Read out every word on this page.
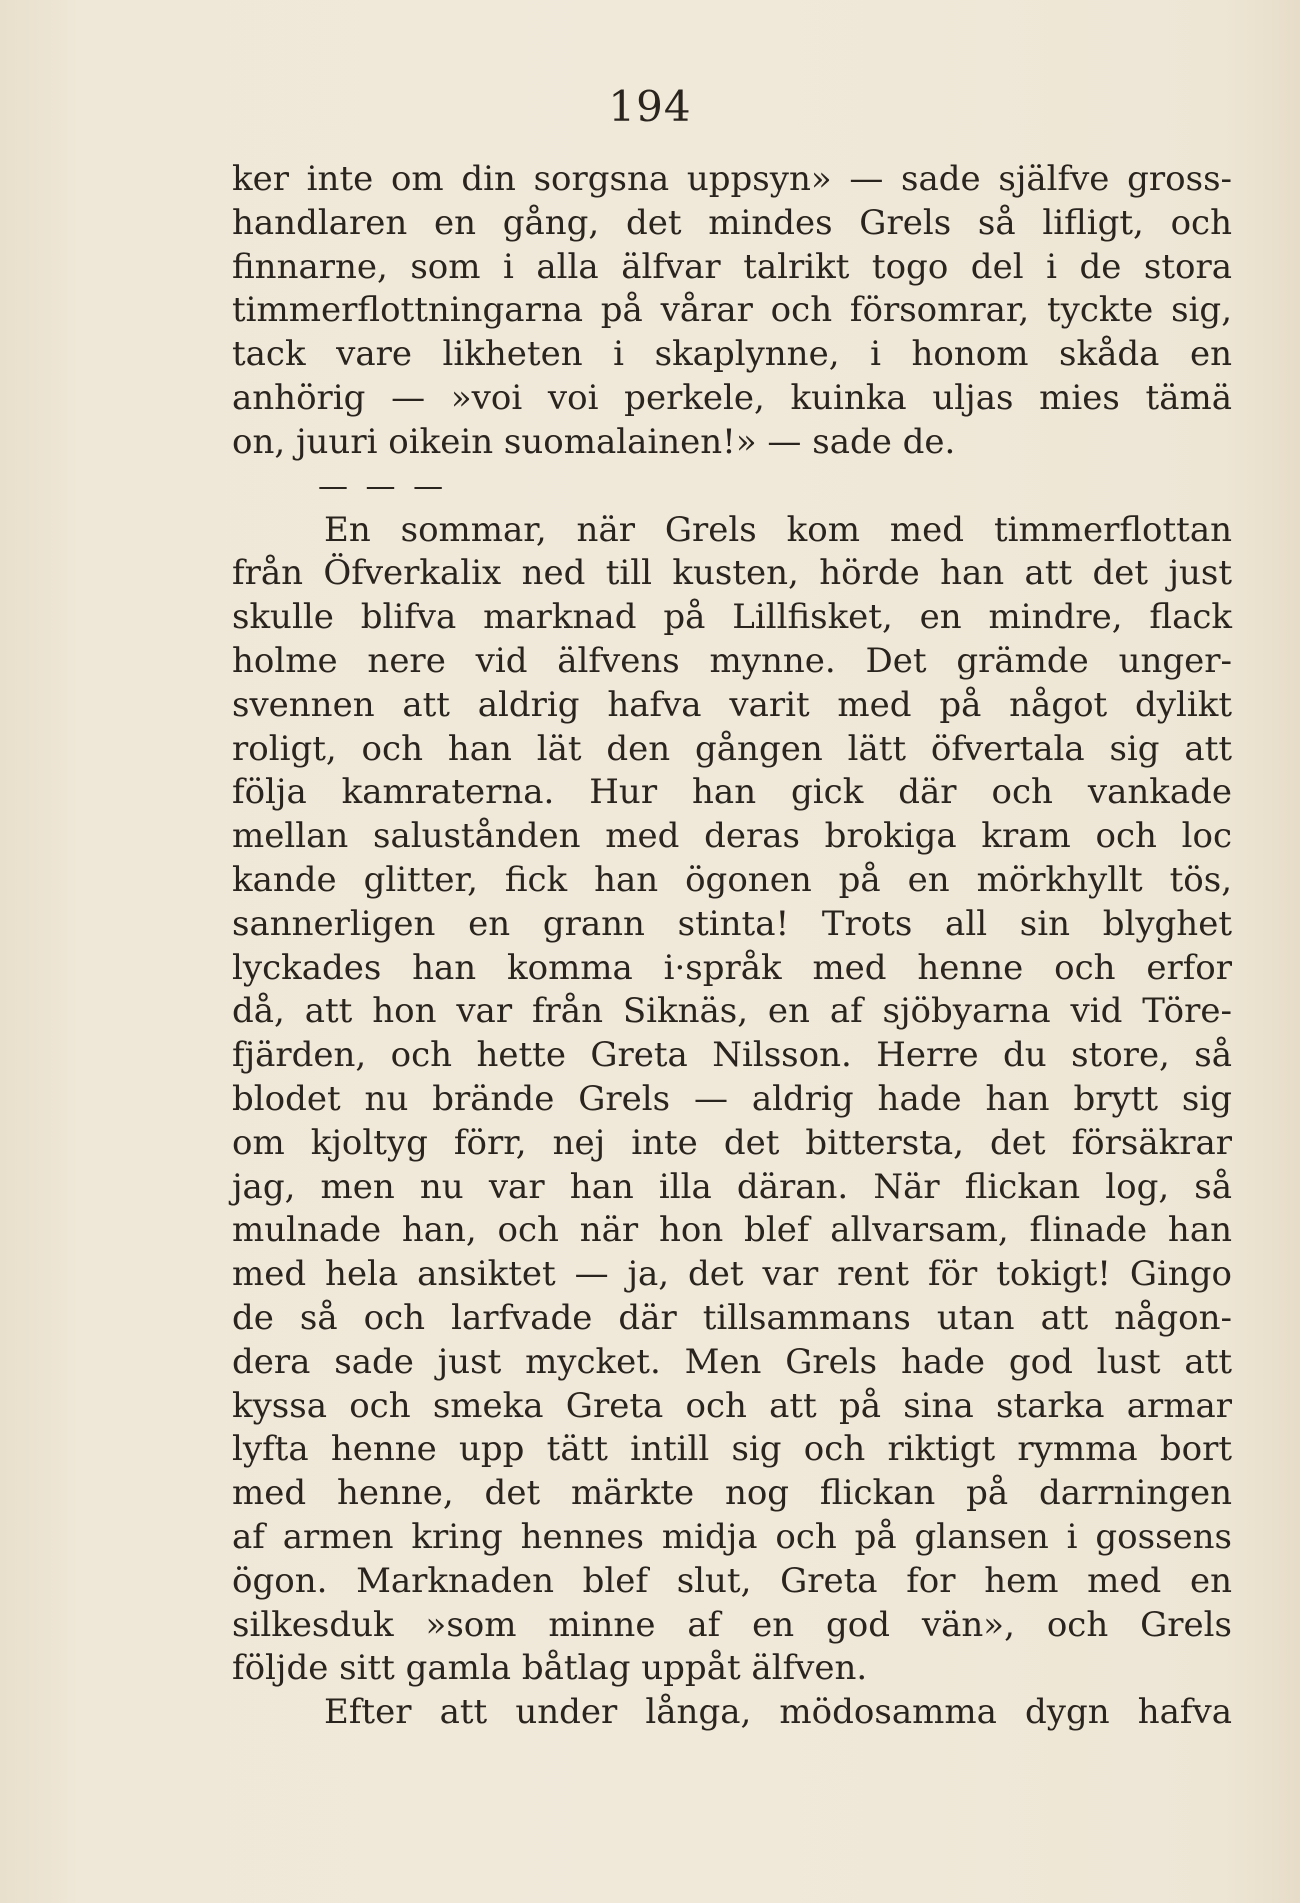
194
ker inte om din sorgsna uppsyn» — sade själfve gross-
handlaren en gång, det mindes Grels så lifligt, och
finnarne, som i alla älfvar talrikt togo del i de stora
timmerflottningarna på vårar och försomrar, tyckte sig,
tack vare likheten i skaplynne, i honom skåda en
anhörig — »voi voi perkele, kuinka uljas mies tämä
on, juuri oikein suomalainen!» — sade de.
— — —
En sommar, när Grels kom med timmerflottan
från Öfverkalix ned till kusten, hörde han att det just
skulle blifva marknad på Lillfisket, en mindre, flack
holme nere vid älfvens mynne. Det grämde unger-
svennen att aldrig hafva varit med på något dylikt
roligt, och han lät den gången lätt öfvertala sig att
följa kamraterna. Hur han gick där och vankade
mellan salustånden med deras brokiga kram och loc
kande glitter, fick han ögonen på en mörkhyllt tös,
sannerligen en grann stinta! Trots all sin blyghet
lyckades han komma i·språk med henne och erfor
då, att hon var från Siknäs, en af sjöbyarna vid Töre-
fjärden, och hette Greta Nilsson. Herre du store, så
blodet nu brände Grels — aldrig hade han brytt sig
om kjoltyg förr, nej inte det bittersta, det försäkrar
jag, men nu var han illa däran. När flickan log, så
mulnade han, och när hon blef allvarsam, flinade han
med hela ansiktet — ja, det var rent för tokigt! Gingo
de så och larfvade där tillsammans utan att någon-
dera sade just mycket. Men Grels hade god lust att
kyssa och smeka Greta och att på sina starka armar
lyfta henne upp tätt intill sig och riktigt rymma bort
med henne, det märkte nog flickan på darrningen
af armen kring hennes midja och på glansen i gossens
ögon. Marknaden blef slut, Greta for hem med en
silkesduk »som minne af en god vän», och Grels
följde sitt gamla båtlag uppåt älfven.
Efter att under långa, mödosamma dygn hafva
